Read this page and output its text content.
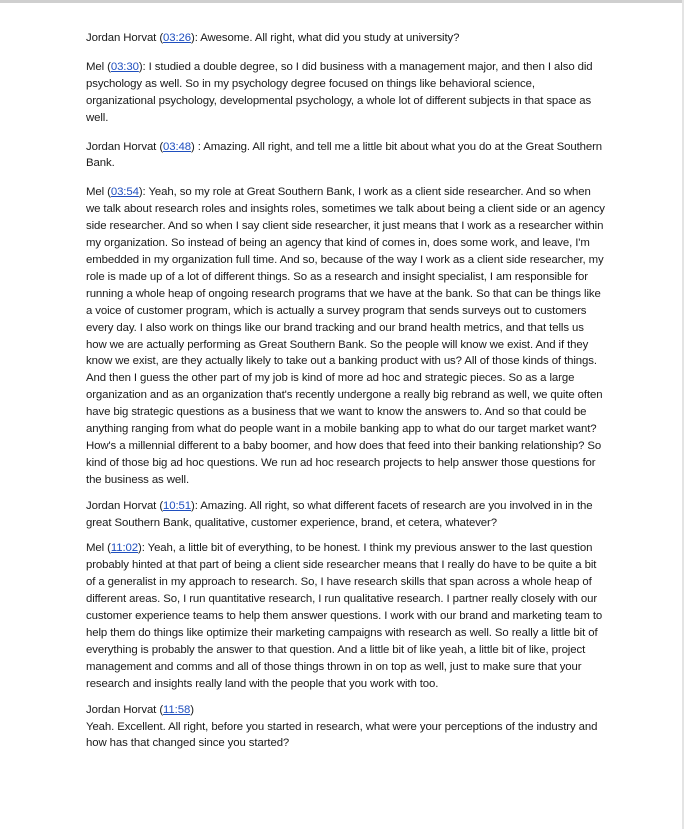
Jordan Horvat (03:26): Awesome. All right, what did you study at university?

Mel (03:30): I studied a double degree, so I did business with a management major, and then I also did psychology as well. So in my psychology degree focused on things like behavioral science, organizational psychology, developmental psychology, a whole lot of different subjects in that space as well.

Jordan Horvat (03:48) : Amazing. All right, and tell me a little bit about what you do at the Great Southern Bank.

Mel (03:54): Yeah, so my role at Great Southern Bank, I work as a client side researcher. And so when we talk about research roles and insights roles, sometimes we talk about being a client side or an agency side researcher. And so when I say client side researcher, it just means that I work as a researcher within my organization. So instead of being an agency that kind of comes in, does some work, and leave, I'm embedded in my organization full time. And so, because of the way I work as a client side researcher, my role is made up of a lot of different things. So as a research and insight specialist, I am responsible for running a whole heap of ongoing research programs that we have at the bank. So that can be things like a voice of customer program, which is actually a survey program that sends surveys out to customers every day. I also work on things like our brand tracking and our brand health metrics, and that tells us how we are actually performing as Great Southern Bank. So the people will know we exist. And if they know we exist, are they actually likely to take out a banking product with us? All of those kinds of things. And then I guess the other part of my job is kind of more ad hoc and strategic pieces. So as a large organization and as an organization that's recently undergone a really big rebrand as well, we quite often have big strategic questions as a business that we want to know the answers to. And so that could be anything ranging from what do people want in a mobile banking app to what do our target market want? How's a millennial different to a baby boomer, and how does that feed into their banking relationship? So kind of those big ad hoc questions. We run ad hoc research projects to help answer those questions for the business as well.

Jordan Horvat (10:51): Amazing. All right, so what different facets of research are you involved in in the great Southern Bank, qualitative, customer experience, brand, et cetera, whatever?

Mel (11:02): Yeah, a little bit of everything, to be honest. I think my previous answer to the last question probably hinted at that part of being a client side researcher means that I really do have to be quite a bit of a generalist in my approach to research. So, I have research skills that span across a whole heap of different areas. So, I run quantitative research, I run qualitative research. I partner really closely with our customer experience teams to help them answer questions. I work with our brand and marketing team to help them do things like optimize their marketing campaigns with research as well. So really a little bit of everything is probably the answer to that question. And a little bit of like yeah, a little bit of like, project management and comms and all of those things thrown in on top as well, just to make sure that your research and insights really land with the people that you work with too.

Jordan Horvat (11:58)
Yeah. Excellent. All right, before you started in research, what were your perceptions of the industry and how has that changed since you started?
